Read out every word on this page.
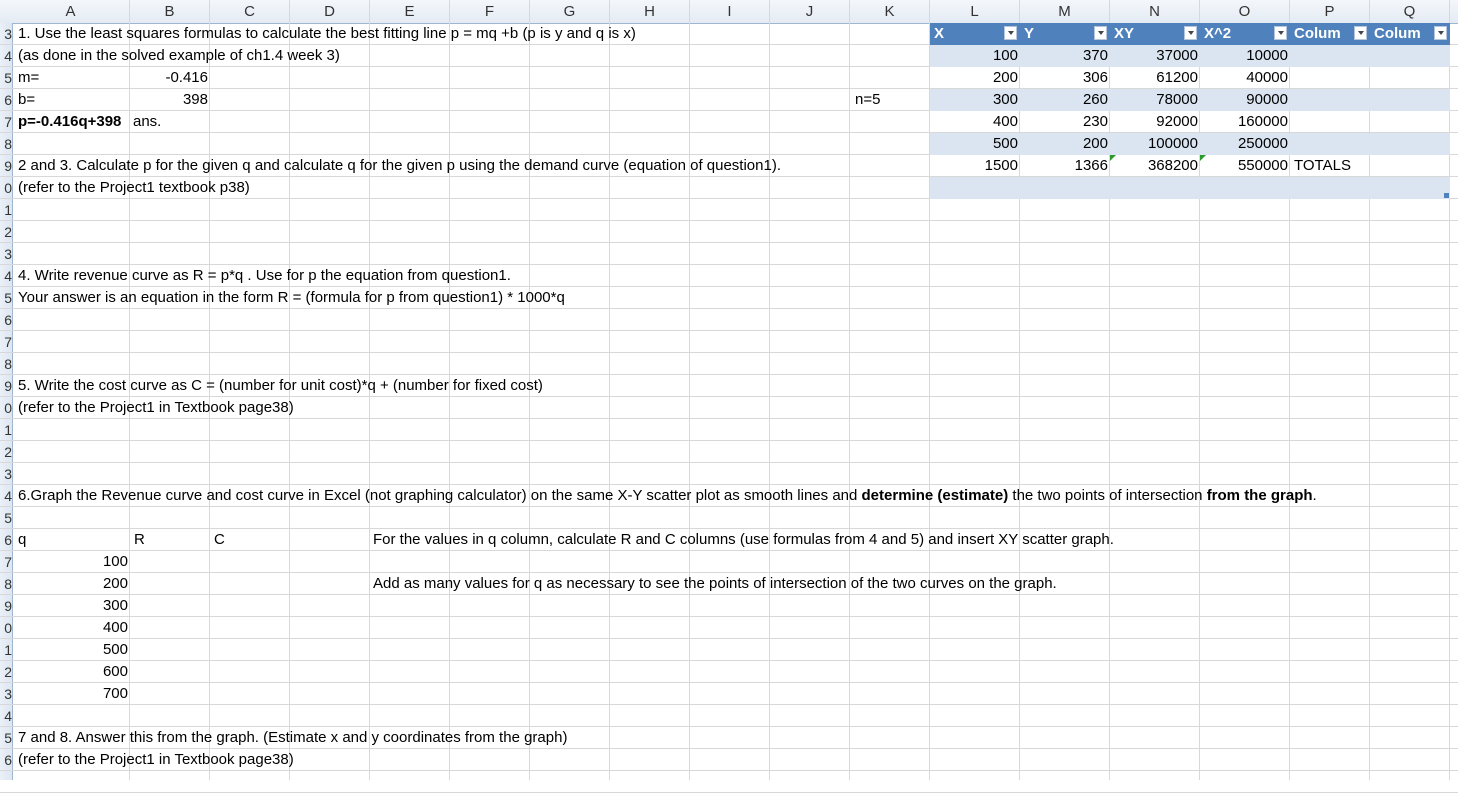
A	B	C	D	E	F	G	H	I	J	K	L	M	N	O	P	Q
3
4
5
6
7
8
9
0
1
2
3
4
5
6
7
8
9
0
1
2
3
4
5
6
7
8
9
0
1
2
3
4
5
6
X	Y	XY	X^2	Colum	Colum
100	370	37000	10000
200	306	61200	40000
300	260	78000	90000
400	230	92000	160000
500	200	100000	250000
1500	1366	368200	550000 TOTALS
1. Use the least squares formulas to calculate the best fitting line p = mq +b (p is y and q is x)
(as done in the solved example of ch1.4 week 3)
m=	-0.416
b=	398	n=5
p=-0.416q+398 ans.
2 and 3. Calculate p for the given q and calculate q for the given p using the demand curve (equation of question1).
(refer to the Project1 textbook p38)
4. Write revenue curve as R = p*q . Use for p the equation from question1.
Your answer is an equation in the form R = (formula for p from question1) * 1000*q
5. Write the cost curve as C = (number for unit cost)*q + (number for fixed cost)
(refer to the Project1 in Textbook page38)
6.Graph the Revenue curve and cost curve in Excel (not graphing calculator) on the same X-Y scatter plot as smooth lines and determine (estimate) the two points of intersection from the graph.
q	R	C	For the values in q column, calculate R and C columns (use formulas from 4 and 5) and insert XY scatter graph.
Add as many values for q as necessary to see the points of intersection of the two curves on the graph.
100
200
300
400
500
600
700
7 and 8. Answer this from the graph. (Estimate x and y coordinates from the graph)
(refer to the Project1 in Textbook page38)
